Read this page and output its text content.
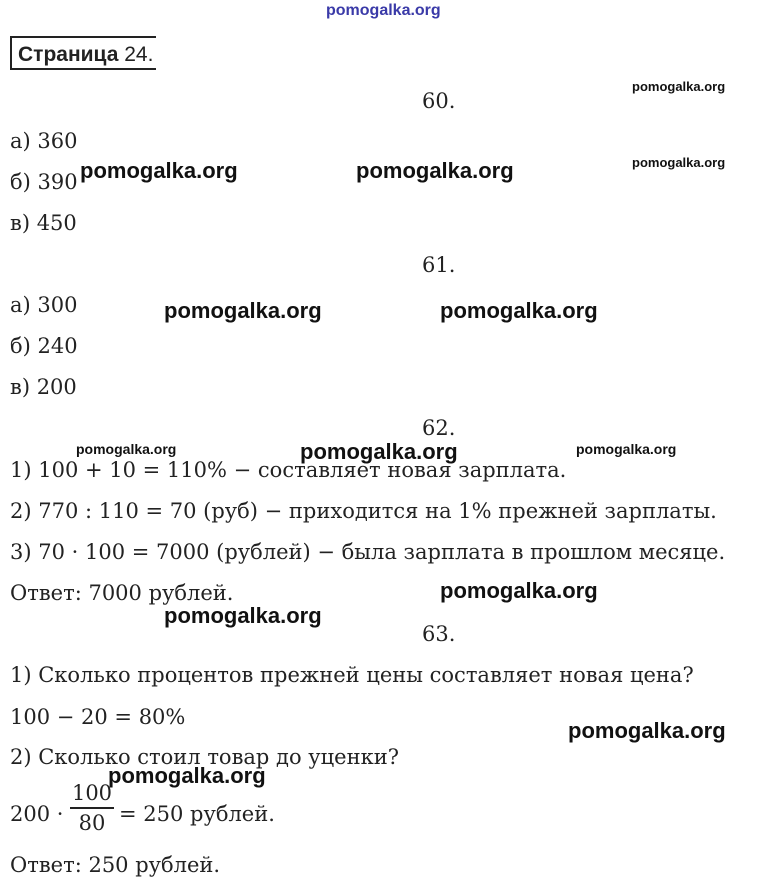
pomogalka.org
Страница 24.
60.
а) 360
б) 390
в) 450
61.
а) 300
б) 240
в) 200
62.
1) 100 + 10 = 110% − составляет новая зарплата.
2) 770 : 110 = 70 (руб) − приходится на 1% прежней зарплаты.
3) 70 · 100 = 7000 (рублей) − была зарплата в прошлом месяце.
Ответ: 7000 рублей.
63.
1) Сколько процентов прежней цены составляет новая цена?
100 − 20 = 80%
2) Сколько стоил товар до уценки?
200 ·
100
80 = 250 рублей.
Ответ: 250 рублей.
pomogalka.org
pomogalka.org
pomogalka.org	pomogalka.org
pomogalka.org	pomogalka.org
pomogalka.org	pomogalka.org	pomogalka.org
pomogalka.org
pomogalka.org
pomogalka.org
pomogalka.org
